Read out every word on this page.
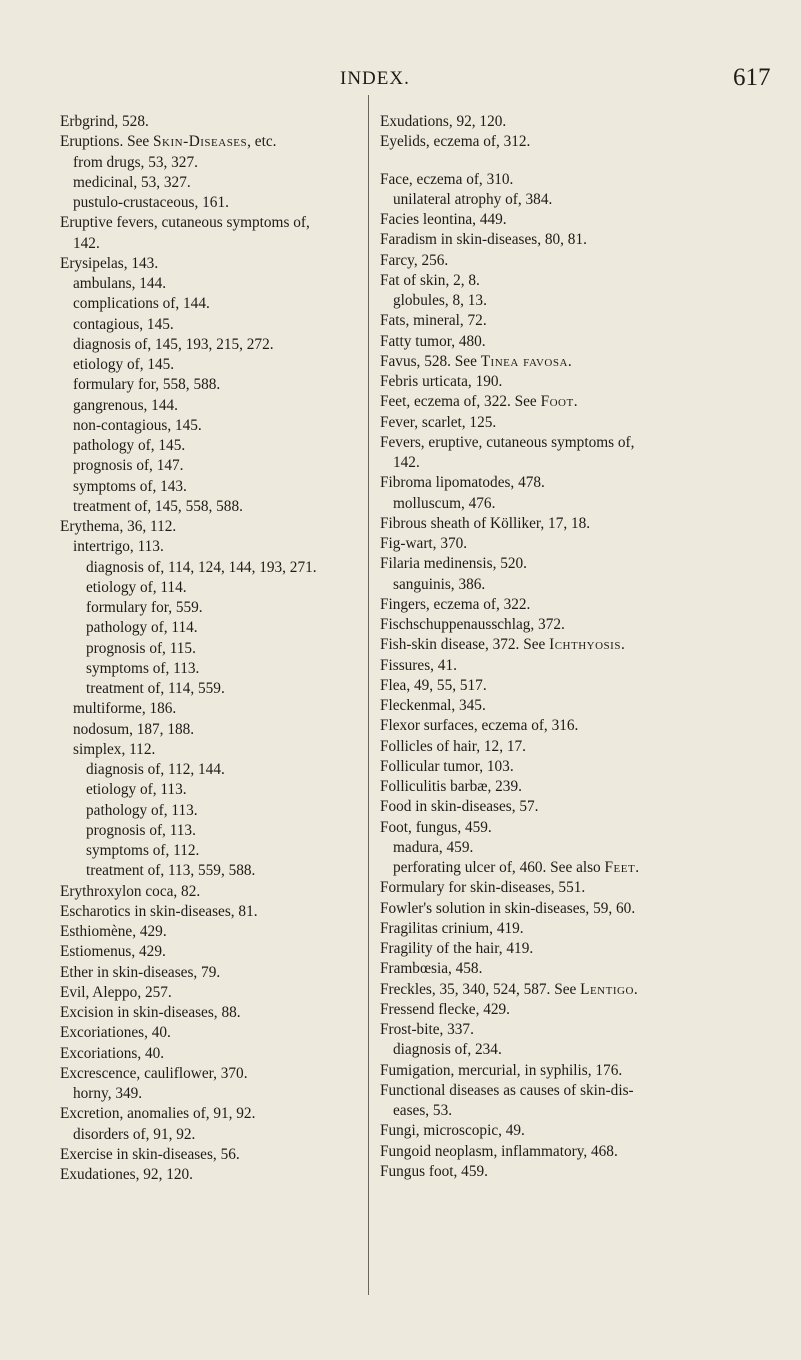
INDEX.	617
Erbgrind, 528.
Eruptions. See Skin-Diseases, etc.
from drugs, 53, 327.
medicinal, 53, 327.
pustulo-crustaceous, 161.
Eruptive fevers, cutaneous symptoms of,
142.
Erysipelas, 143.
ambulans, 144.
complications of, 144.
contagious, 145.
diagnosis of, 145, 193, 215, 272.
etiology of, 145.
formulary for, 558, 588.
gangrenous, 144.
non-contagious, 145.
pathology of, 145.
prognosis of, 147.
symptoms of, 143.
treatment of, 145, 558, 588.
Erythema, 36, 112.
intertrigo, 113.
diagnosis of, 114, 124, 144, 193, 271.
etiology of, 114.
formulary for, 559.
pathology of, 114.
prognosis of, 115.
symptoms of, 113.
treatment of, 114, 559.
multiforme, 186.
nodosum, 187, 188.
simplex, 112.
diagnosis of, 112, 144.
etiology of, 113.
pathology of, 113.
prognosis of, 113.
symptoms of, 112.
treatment of, 113, 559, 588.
Erythroxylon coca, 82.
Escharotics in skin-diseases, 81.
Esthiomène, 429.
Estiomenus, 429.
Ether in skin-diseases, 79.
Evil, Aleppo, 257.
Excision in skin-diseases, 88.
Excoriationes, 40.
Excoriations, 40.
Excrescence, cauliflower, 370.
horny, 349.
Excretion, anomalies of, 91, 92.
disorders of, 91, 92.
Exercise in skin-diseases, 56.
Exudationes, 92, 120.
Exudations, 92, 120.
Eyelids, eczema of, 312.
Face, eczema of, 310.
unilateral atrophy of, 384.
Facies leontina, 449.
Faradism in skin-diseases, 80, 81.
Farcy, 256.
Fat of skin, 2, 8.
globules, 8, 13.
Fats, mineral, 72.
Fatty tumor, 480.
Favus, 528. See Tinea favosa.
Febris urticata, 190.
Feet, eczema of, 322. See Foot.
Fever, scarlet, 125.
Fevers, eruptive, cutaneous symptoms of,
142.
Fibroma lipomatodes, 478.
molluscum, 476.
Fibrous sheath of Kölliker, 17, 18.
Fig-wart, 370.
Filaria medinensis, 520.
sanguinis, 386.
Fingers, eczema of, 322.
Fischschuppenausschlag, 372.
Fish-skin disease, 372. See Ichthyosis.
Fissures, 41.
Flea, 49, 55, 517.
Fleckenmal, 345.
Flexor surfaces, eczema of, 316.
Follicles of hair, 12, 17.
Follicular tumor, 103.
Folliculitis barbæ, 239.
Food in skin-diseases, 57.
Foot, fungus, 459.
madura, 459.
perforating ulcer of, 460. See also Feet.
Formulary for skin-diseases, 551.
Fowler's solution in skin-diseases, 59, 60.
Fragilitas crinium, 419.
Fragility of the hair, 419.
Frambœsia, 458.
Freckles, 35, 340, 524, 587. See Lentigo.
Fressend flecke, 429.
Frost-bite, 337.
diagnosis of, 234.
Fumigation, mercurial, in syphilis, 176.
Functional diseases as causes of skin-dis-
eases, 53.
Fungi, microscopic, 49.
Fungoid neoplasm, inflammatory, 468.
Fungus foot, 459.
